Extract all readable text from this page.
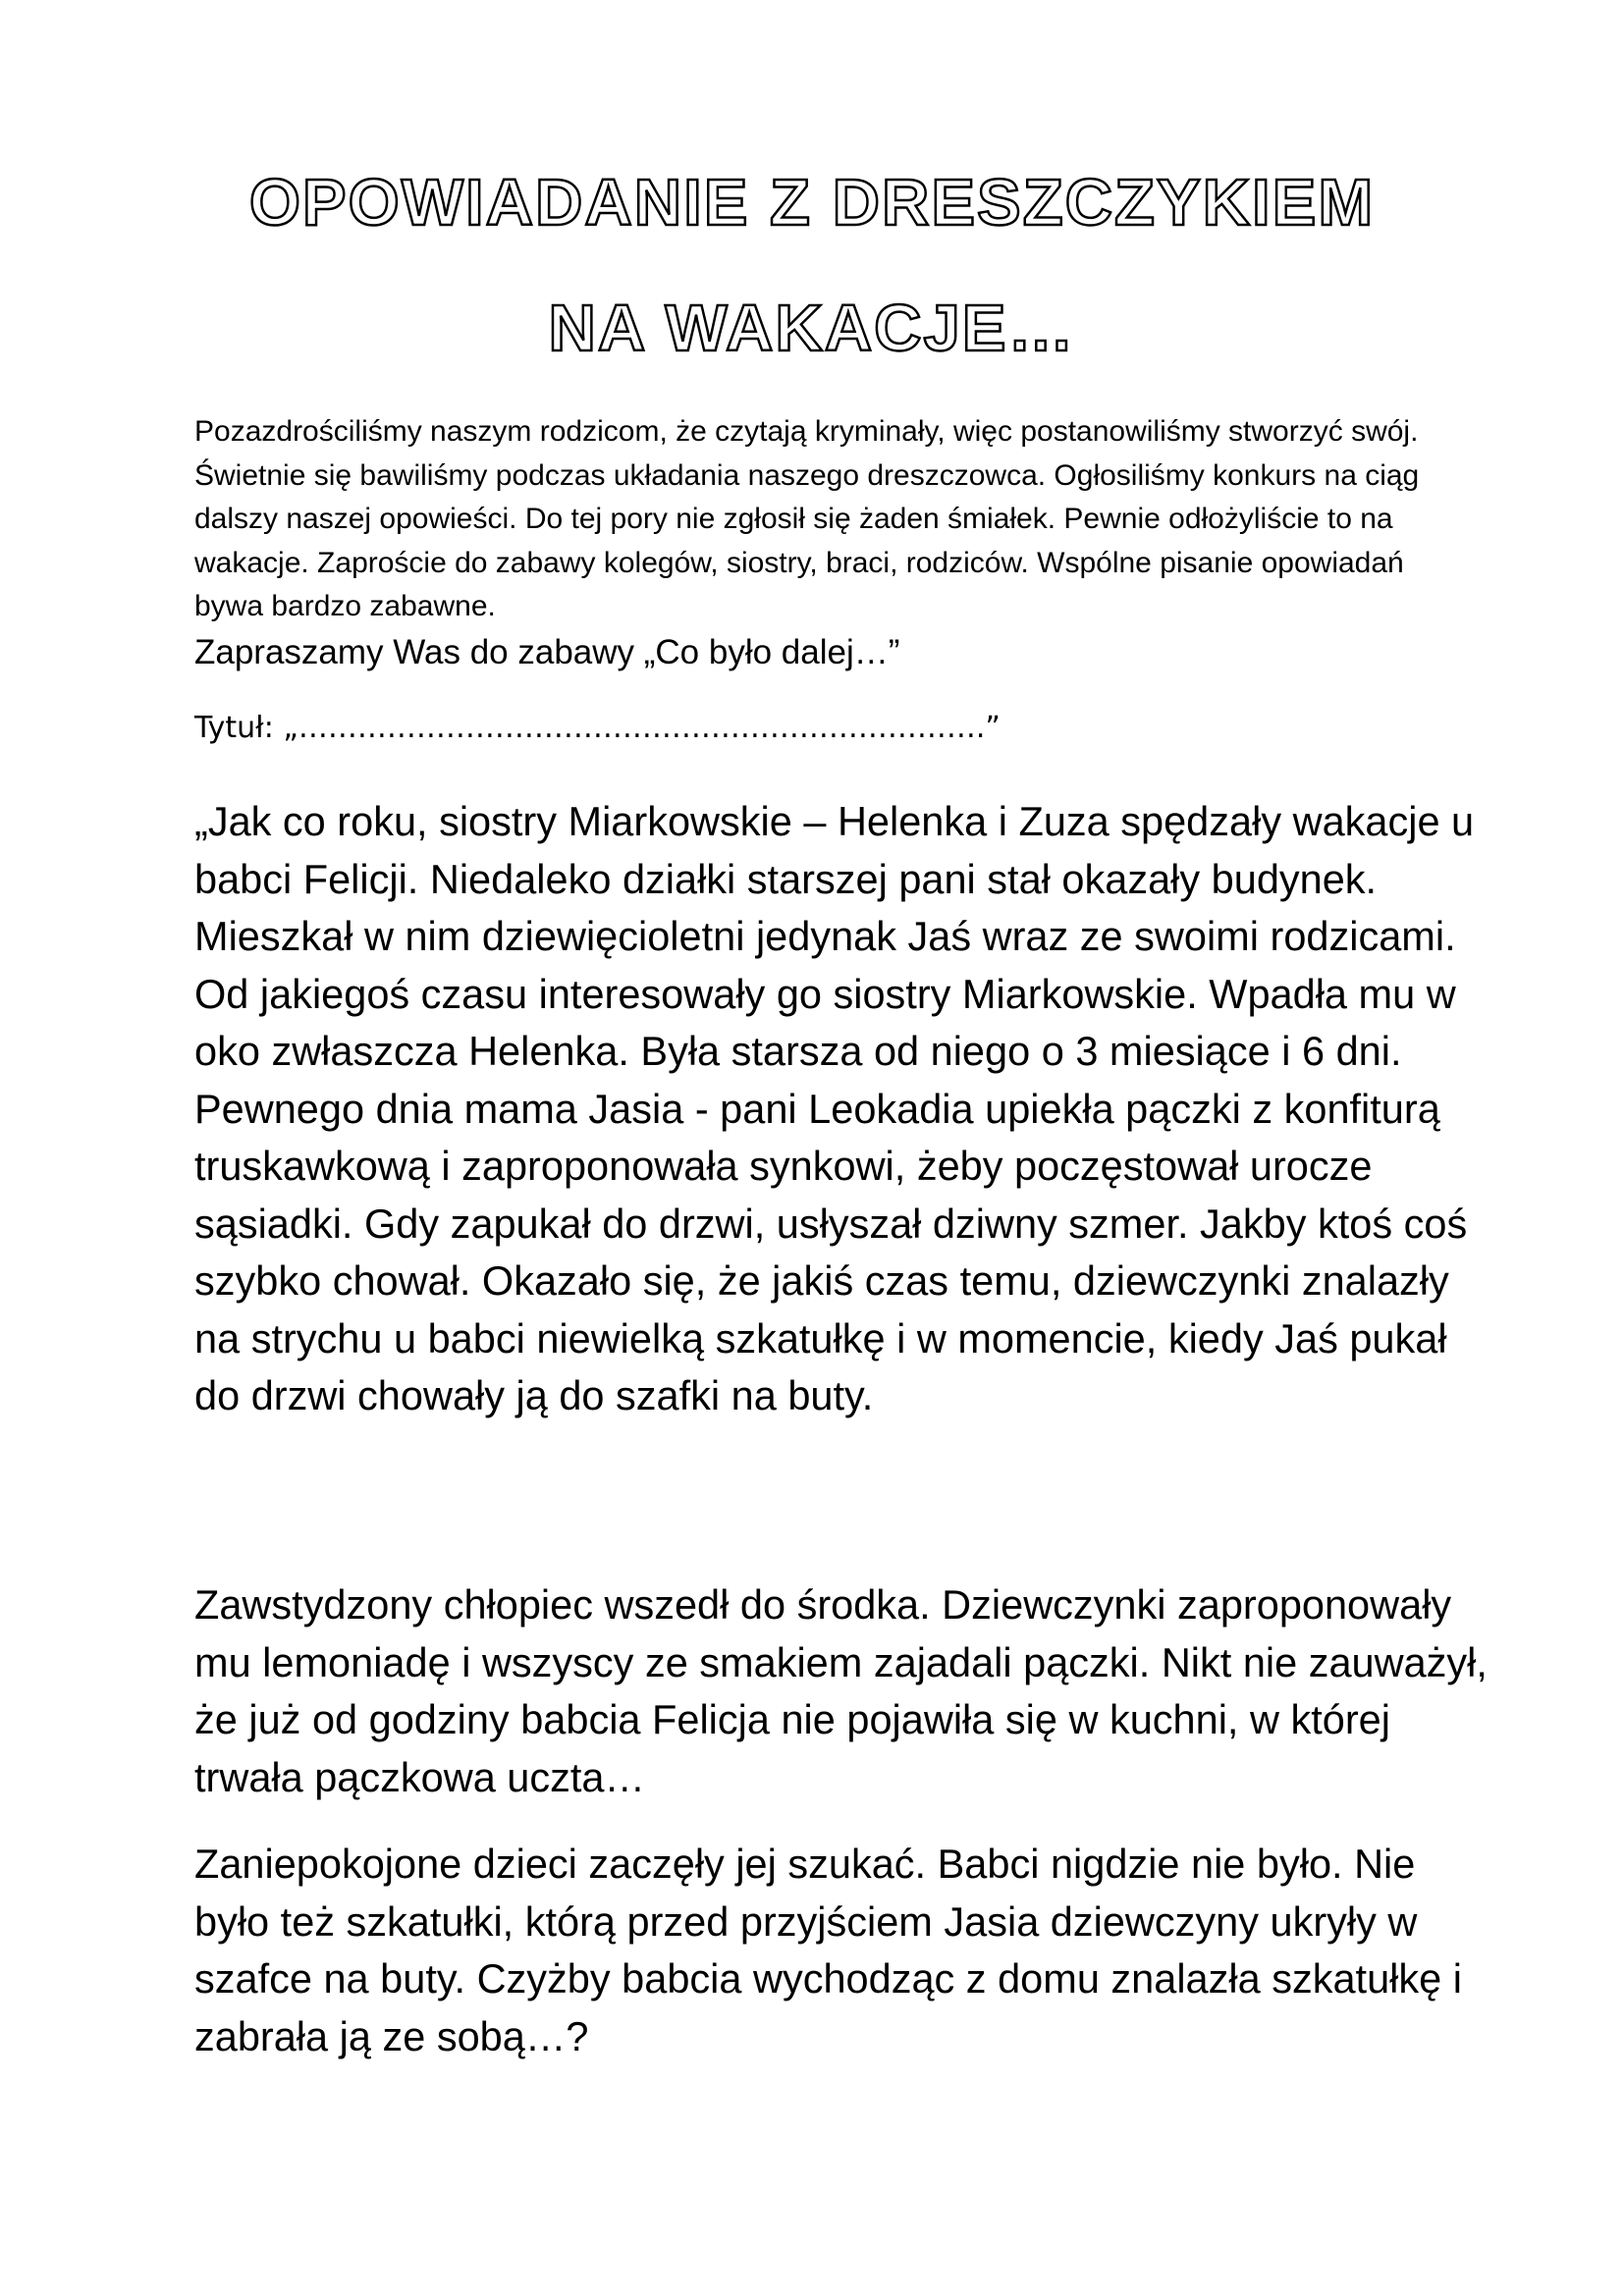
OPOWIADANIE Z DRESZCZYKIEM
NA WAKACJE…

Pozazdrościliśmy naszym rodzicom, że czytają kryminały, więc postanowiliśmy stworzyć swój. Świetnie się bawiliśmy podczas układania naszego dreszczowca. Ogłosiliśmy konkurs na ciąg dalszy naszej opowieści. Do tej pory nie zgłosił się żaden śmiałek. Pewnie odłożyliście to na wakacje. Zaproście do zabawy kolegów, siostry, braci, rodziców. Wspólne pisanie opowiadań bywa bardzo zabawne.
Zapraszamy Was do zabawy „Co było dalej…”

Tytuł: „…………………………………………………………….”

„Jak co roku, siostry Miarkowskie – Helenka i Zuza spędzały wakacje u babci Felicji. Niedaleko działki starszej pani stał okazały budynek. Mieszkał w nim dziewięcioletni jedynak Jaś wraz ze swoimi rodzicami. Od jakiegoś czasu interesowały go siostry Miarkowskie. Wpadła mu w oko zwłaszcza Helenka. Była starsza od niego o 3 miesiące i 6 dni. Pewnego dnia mama Jasia - pani Leokadia upiekła pączki z konfiturą truskawkową i zaproponowała synkowi, żeby poczęstował urocze sąsiadki. Gdy zapukał do drzwi, usłyszał dziwny szmer. Jakby ktoś coś szybko chował. Okazało się, że jakiś czas temu, dziewczynki znalazły na strychu u babci niewielką szkatułkę i w momencie, kiedy Jaś pukał do drzwi chowały ją do szafki na buty.

Zawstydzony chłopiec wszedł do środka. Dziewczynki zaproponowały mu lemoniadę i wszyscy ze smakiem zajadali pączki. Nikt nie zauważył, że już od godziny babcia Felicja nie pojawiła się w kuchni, w której trwała pączkowa uczta…

Zaniepokojone dzieci zaczęły jej szukać. Babci nigdzie nie było. Nie było też szkatułki, którą przed przyjściem Jasia dziewczyny ukryły w szafce na buty. Czyżby babcia wychodząc z domu znalazła szkatułkę i zabrała ją ze sobą…?
